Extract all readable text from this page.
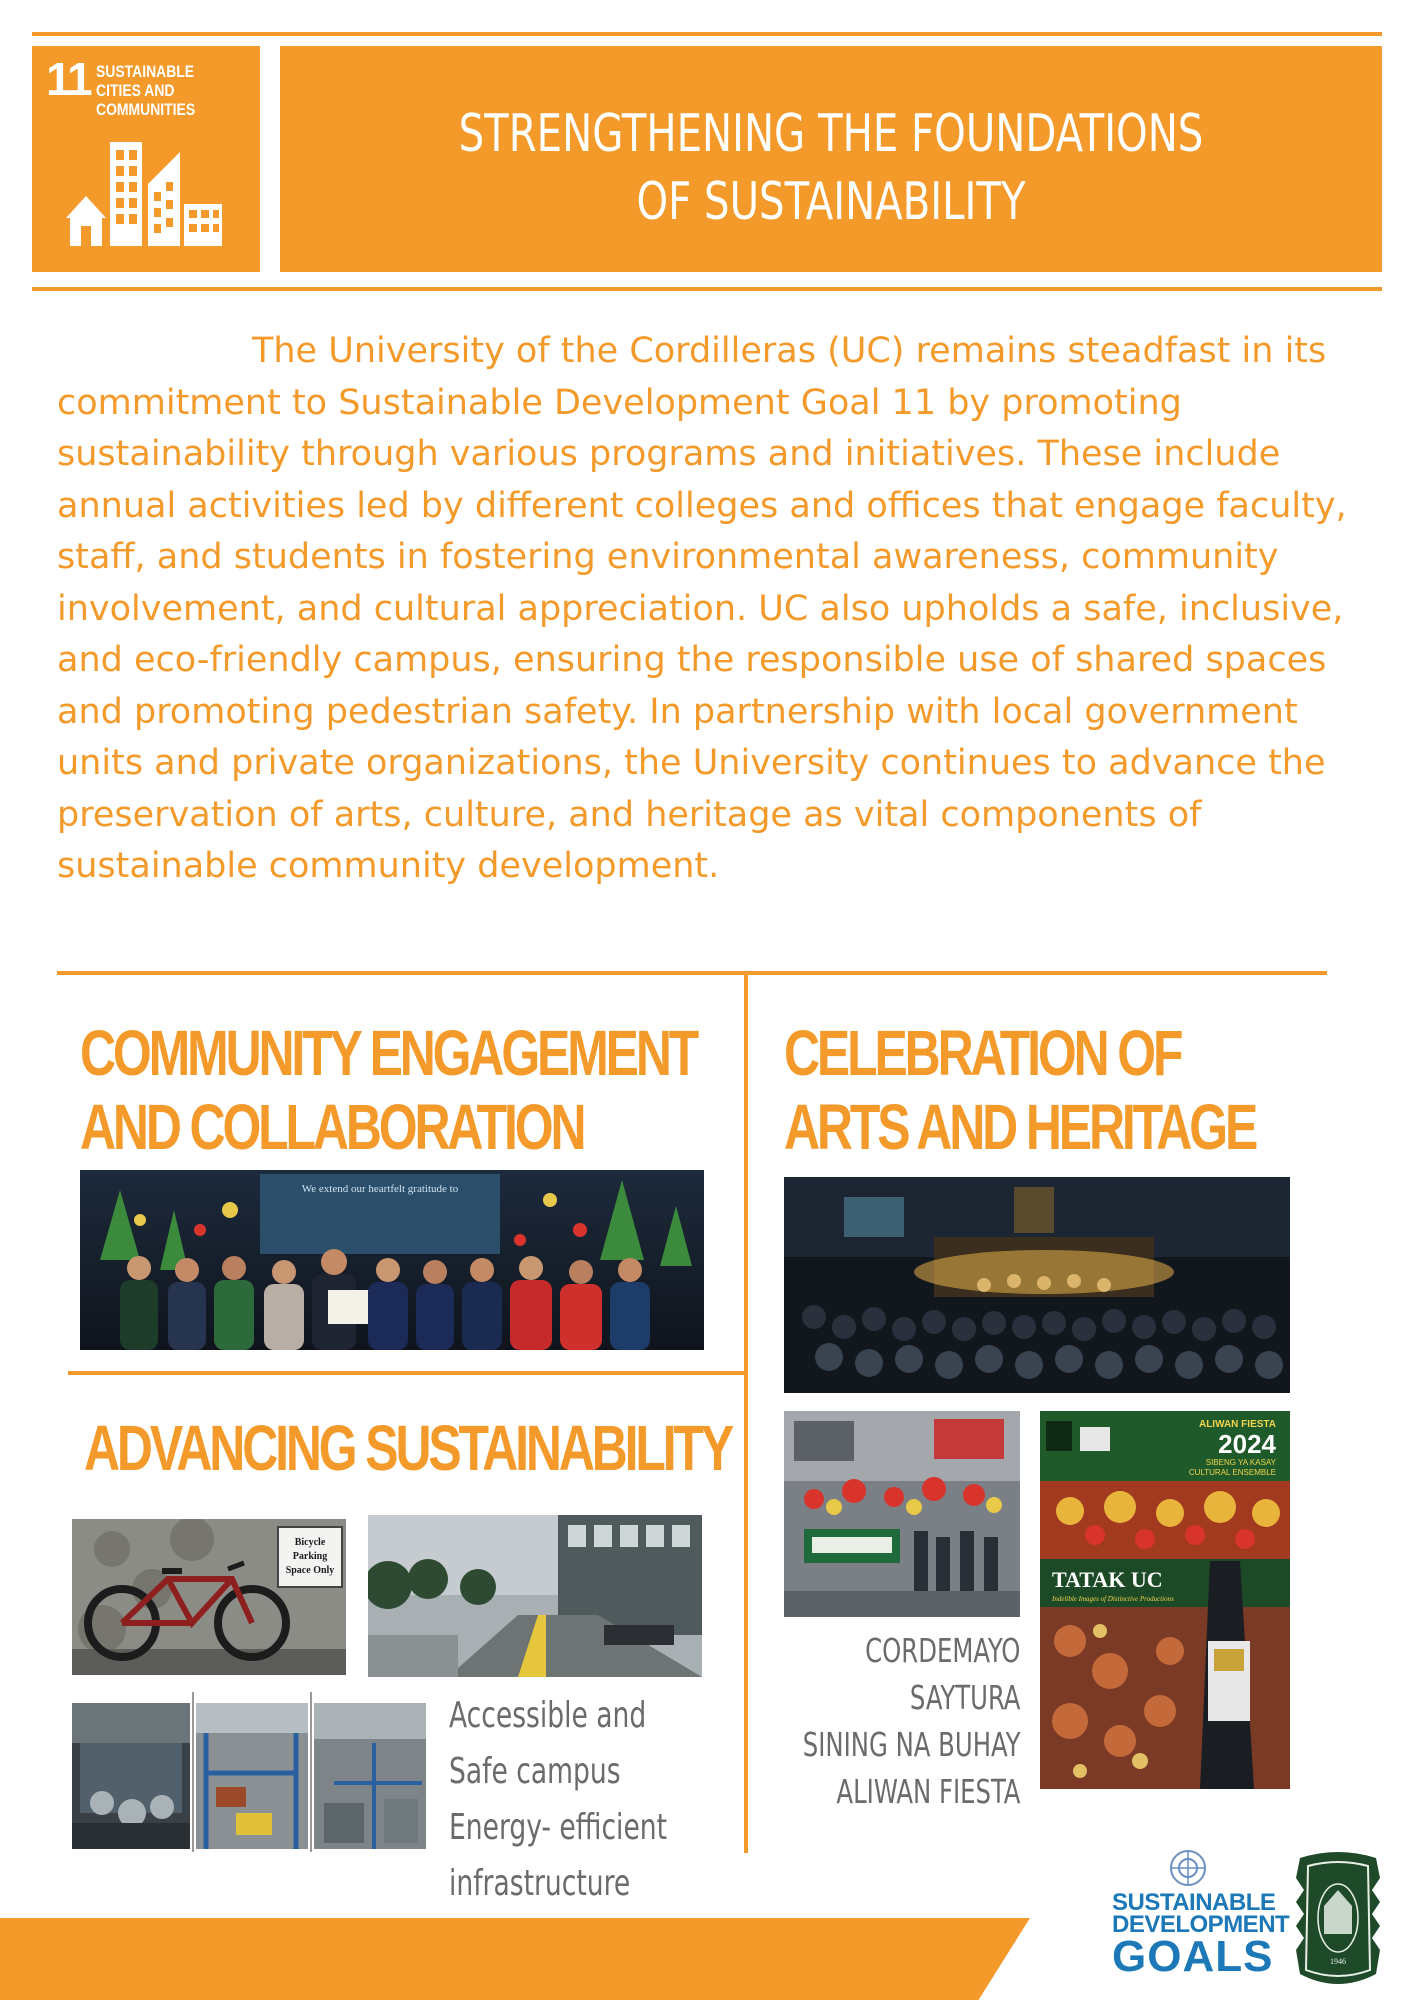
11 SUSTAINABLE CITIES AND COMMUNITIES	STRENGTHENING THE FOUNDATIONS
OF SUSTAINABILITY
The University of the Cordilleras (UC) remains steadfast in its commitment to Sustainable Development Goal 11 by promoting sustainability through various programs and initiatives. These include annual activities led by different colleges and offices that engage faculty, staff, and students in fostering environmental awareness, community involvement, and cultural appreciation. UC also upholds a safe, inclusive, and eco-friendly campus, ensuring the responsible use of shared spaces and promoting pedestrian safety. In partnership with local government units and private organizations, the University continues to advance the preservation of arts, culture, and heritage as vital components of sustainable community development.
COMMUNITY ENGAGEMENT
AND COLLABORATION
CELEBRATION OF
ARTS AND HERITAGE
ADVANCING SUSTAINABILITY
We extend our heartfelt gratitude to
ALIWAN FIESTA
2024
SIBENG YA KASAY
CULTURAL ENSEMBLE
TATAK UC
Indelible Images of Distinctive Productions
Bicycle
Parking
Space Only
Accessible and
Safe campus
Energy- efficient
infrastructure
CORDEMAYO
SAYTURA
SINING NA BUHAY
ALIWAN FIESTA
SUSTAINABLE
DEVELOPMENT
GOALS	1946
